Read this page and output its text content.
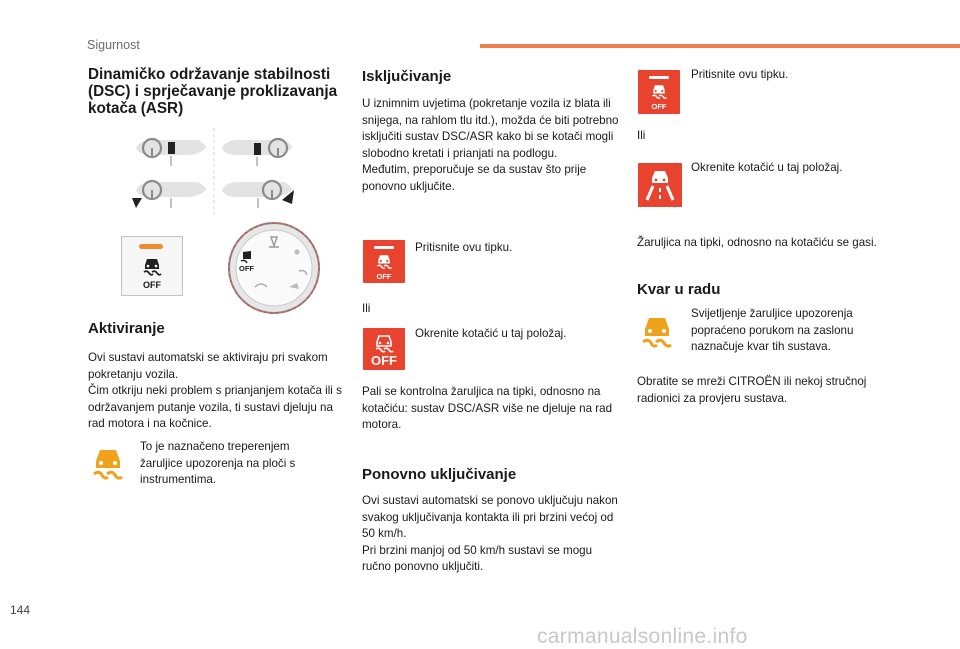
Sigurnost
Dinamičko održavanje stabilnosti (DSC) i sprječavanje proklizavanja kotača (ASR)
OFF
OFF
Aktiviranje

Ovi sustavi automatski se aktiviraju pri svakom pokretanju vozila.

Čim otkriju neki problem s prianjanjem kotača ili s održavanjem putanje vozila, ti sustavi djeluju na rad motora i na kočnice.

To je naznačeno treperenjem žaruljice upozorenja na ploči s instrumentima.

Isključivanje

U iznimnim uvjetima (pokretanje vozila iz blata ili snijega, na rahlom tlu itd.), možda će biti potrebno isključiti sustav DSC/ASR kako bi se kotači mogli slobodno kretati i prianjati na podlogu.

Međutim, preporučuje se da sustav što prije ponovno uključite.

OFF

Pritisnite ovu tipku.

Ili

OFF

Okrenite kotačić u taj položaj.

Pali se kontrolna žaruljica na tipki, odnosno na kotačiću: sustav DSC/ASR više ne djeluje na rad motora.

Ponovno uključivanje

Ovi sustavi automatski se ponovo uključuju nakon svakog uključivanja kontakta ili pri brzini većoj od 50 km/h.

Pri brzini manjoj od 50 km/h sustavi se mogu ručno ponovno uključiti.

OFF

Pritisnite ovu tipku.

Ili

Okrenite kotačić u taj položaj.

Žaruljica na tipki, odnosno na kotačiću se gasi.

Kvar u radu

Svijetljenje žaruljice upozorenja popraćeno porukom na zaslonu naznačuje kvar tih sustava.

Obratite se mreži CITROËN ili nekoj stručnoj radionici za provjeru sustava.

144
carmanualsonline.info
